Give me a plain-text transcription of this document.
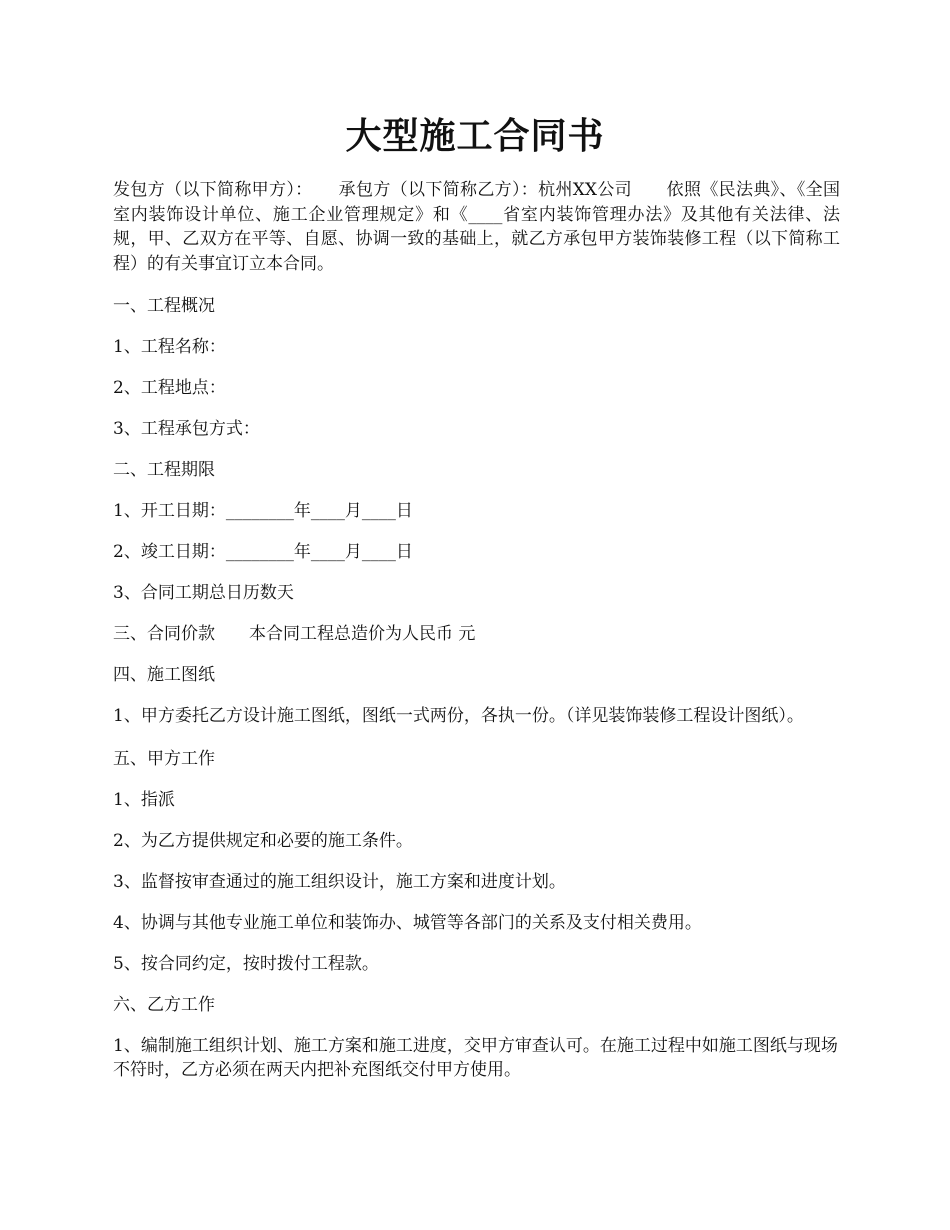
大型施工合同书
发包方（以下简称甲方）：　　承包方（以下简称乙方）：杭州XX公司　　依照《民法典》、《全国室内装饰设计单位、施工企业管理规定》和《____省室内装饰管理办法》及其他有关法律、法规，甲、乙双方在平等、自愿、协调一致的基础上，就乙方承包甲方装饰装修工程（以下简称工程）的有关事宜订立本合同。
一、工程概况
1、工程名称：
2、工程地点：
3、工程承包方式：
二、工程期限
1、开工日期：________年____月____日
2、竣工日期：________年____月____日
3、合同工期总日历数天
三、合同价款　　本合同工程总造价为人民币 元
四、施工图纸
1、甲方委托乙方设计施工图纸，图纸一式两份，各执一份。（详见装饰装修工程设计图纸）。
五、甲方工作
1、指派
2、为乙方提供规定和必要的施工条件。
3、监督按审查通过的施工组织设计，施工方案和进度计划。
4、协调与其他专业施工单位和装饰办、城管等各部门的关系及支付相关费用。
5、按合同约定，按时拨付工程款。
六、乙方工作
1、编制施工组织计划、施工方案和施工进度，交甲方审查认可。在施工过程中如施工图纸与现场不符时，乙方必须在两天内把补充图纸交付甲方使用。
